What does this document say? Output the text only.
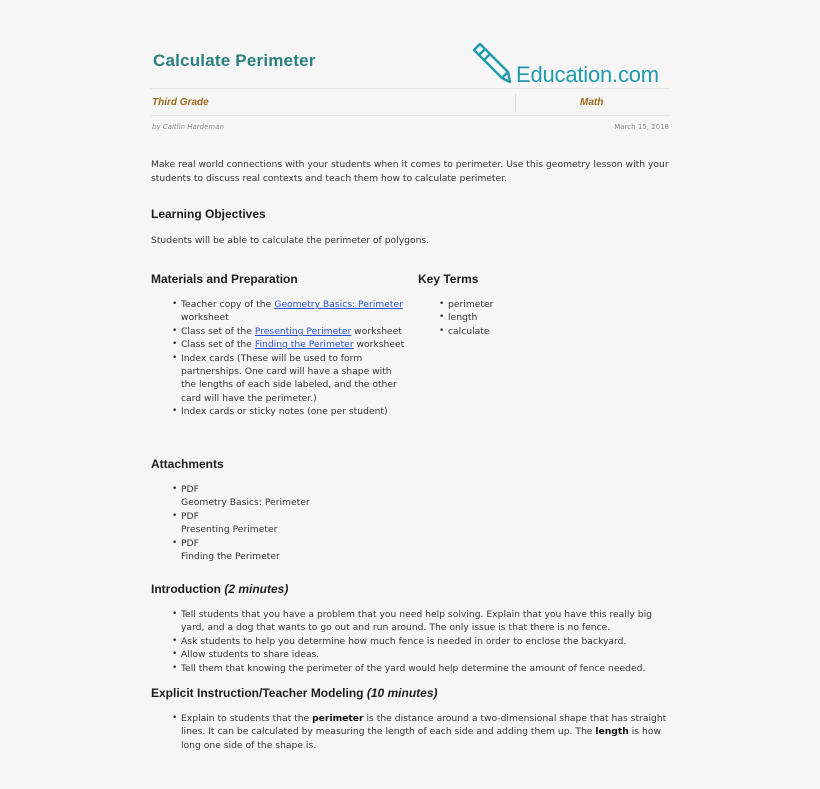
Calculate Perimeter
Education.com
Third Grade	Math
by Caitlin Hardeman	March 15, 2018
Make real world connections with your students when it comes to perimeter. Use this geometry lesson with your students to discuss real contexts and teach them how to calculate perimeter.
Learning Objectives
Students will be able to calculate the perimeter of polygons.
Materials and Preparation
• Teacher copy of the Geometry Basics: Perimeter worksheet
• Class set of the Presenting Perimeter worksheet
• Class set of the Finding the Perimeter worksheet
• Index cards (These will be used to form partnerships. One card will have a shape with the lengths of each side labeled, and the other card will have the perimeter.)
• Index cards or sticky notes (one per student)
Key Terms
• perimeter
• length
• calculate
Attachments
• PDF
Geometry Basics: Perimeter
• PDF
Presenting Perimeter
• PDF
Finding the Perimeter
Introduction (2 minutes)
• Tell students that you have a problem that you need help solving. Explain that you have this really big yard, and a dog that wants to go out and run around. The only issue is that there is no fence.
• Ask students to help you determine how much fence is needed in order to enclose the backyard.
• Allow students to share ideas.
• Tell them that knowing the perimeter of the yard would help determine the amount of fence needed.
Explicit Instruction/Teacher Modeling (10 minutes)
• Explain to students that the perimeter is the distance around a two-dimensional shape that has straight lines. It can be calculated by measuring the length of each side and adding them up. The length is how long one side of the shape is.
